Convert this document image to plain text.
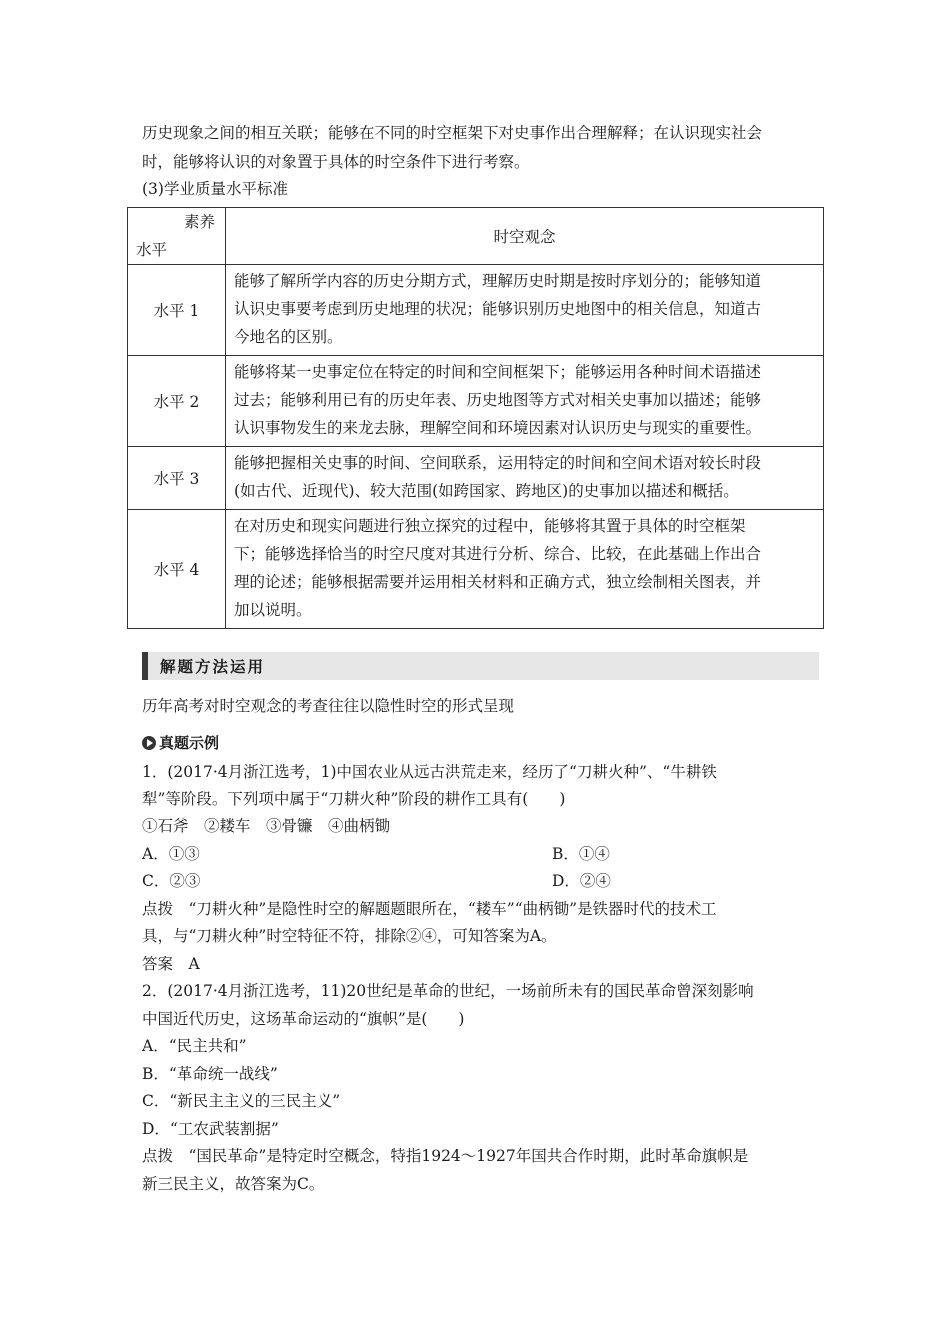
历史现象之间的相互关联；能够在不同的时空框架下对史事作出合理解释；在认识现实社会
时，能够将认识的对象置于具体的时空条件下进行考察。
(3)学业质量水平标准
素养
水平	时空观念
水平 1	能够了解所学内容的历史分期方式，理解历史时期是按时序划分的；能够知道
认识史事要考虑到历史地理的状况；能够识别历史地图中的相关信息，知道古
今地名的区别。

水平 2	能够将某一史事定位在特定的时间和空间框架下；能够运用各种时间术语描述
过去；能够利用已有的历史年表、历史地图等方式对相关史事加以描述；能够
认识事物发生的来龙去脉，理解空间和环境因素对认识历史与现实的重要性。

水平 3	能够把握相关史事的时间、空间联系，运用特定的时间和空间术语对较长时段
(如古代、近现代)、较大范围(如跨国家、跨地区)的史事加以描述和概括。

水平 4	在对历史和现实问题进行独立探究的过程中，能够将其置于具体的时空框架
下；能够选择恰当的时空尺度对其进行分析、综合、比较，在此基础上作出合
理的论述；能够根据需要并运用相关材料和正确方式，独立绘制相关图表，并
加以说明。
解题方法运用
历年高考对时空观念的考查往往以隐性时空的形式呈现
真题示例
1．(2017·4月浙江选考，1)中国农业从远古洪荒走来，经历了“刀耕火种”、“牛耕铁
犁”等阶段。下列项中属于“刀耕火种”阶段的耕作工具有(　　)
①石斧　②耧车　③骨镰　④曲柄锄
A．①③	B．①④
C．②③	D．②④
点拨　“刀耕火种”是隐性时空的解题题眼所在，“耧车”“曲柄锄”是铁器时代的技术工
具，与“刀耕火种”时空特征不符，排除②④，可知答案为A。
答案　A
2．(2017·4月浙江选考，11)20世纪是革命的世纪，一场前所未有的国民革命曾深刻影响
中国近代历史，这场革命运动的“旗帜”是(　　)
A．“民主共和”
B．“革命统一战线”
C．“新民主主义的三民主义”
D．“工农武装割据”
点拨　“国民革命”是特定时空概念，特指1924～1927年国共合作时期，此时革命旗帜是
新三民主义，故答案为C。
